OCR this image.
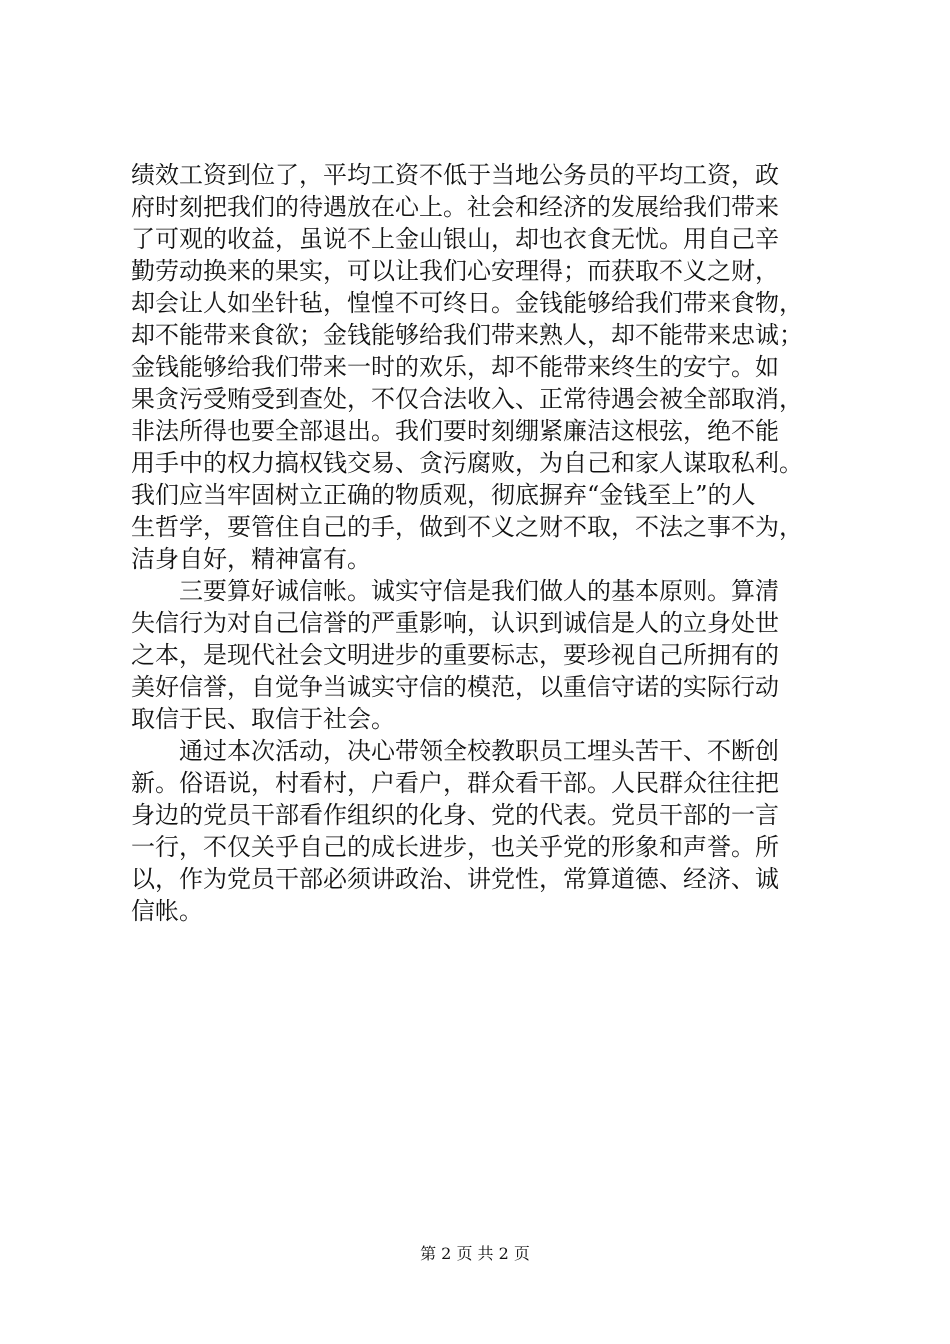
绩效工资到位了，平均工资不低于当地公务员的平均工资，政
府时刻把我们的待遇放在心上。社会和经济的发展给我们带来
了可观的收益，虽说不上金山银山，却也衣食无忧。用自己辛
勤劳动换来的果实，可以让我们心安理得；而获取不义之财，
却会让人如坐针毡，惶惶不可终日。金钱能够给我们带来食物，
却不能带来食欲；金钱能够给我们带来熟人，却不能带来忠诚；
金钱能够给我们带来一时的欢乐，却不能带来终生的安宁。如
果贪污受贿受到查处，不仅合法收入、正常待遇会被全部取消，
非法所得也要全部退出。我们要时刻绷紧廉洁这根弦，绝不能
用手中的权力搞权钱交易、贪污腐败，为自己和家人谋取私利。
我们应当牢固树立正确的物质观，彻底摒弃“金钱至上”的人
生哲学，要管住自己的手，做到不义之财不取，不法之事不为，
洁身自好，精神富有。
　　三要算好诚信帐。诚实守信是我们做人的基本原则。算清
失信行为对自己信誉的严重影响，认识到诚信是人的立身处世
之本，是现代社会文明进步的重要标志，要珍视自己所拥有的
美好信誉，自觉争当诚实守信的模范，以重信守诺的实际行动
取信于民、取信于社会。
　　通过本次活动，决心带领全校教职员工埋头苦干、不断创
新。俗语说，村看村，户看户，群众看干部。人民群众往往把
身边的党员干部看作组织的化身、党的代表。党员干部的一言
一行，不仅关乎自己的成长进步，也关乎党的形象和声誉。所
以，作为党员干部必须讲政治、讲党性，常算道德、经济、诚
信帐。
第 2 页 共 2 页
